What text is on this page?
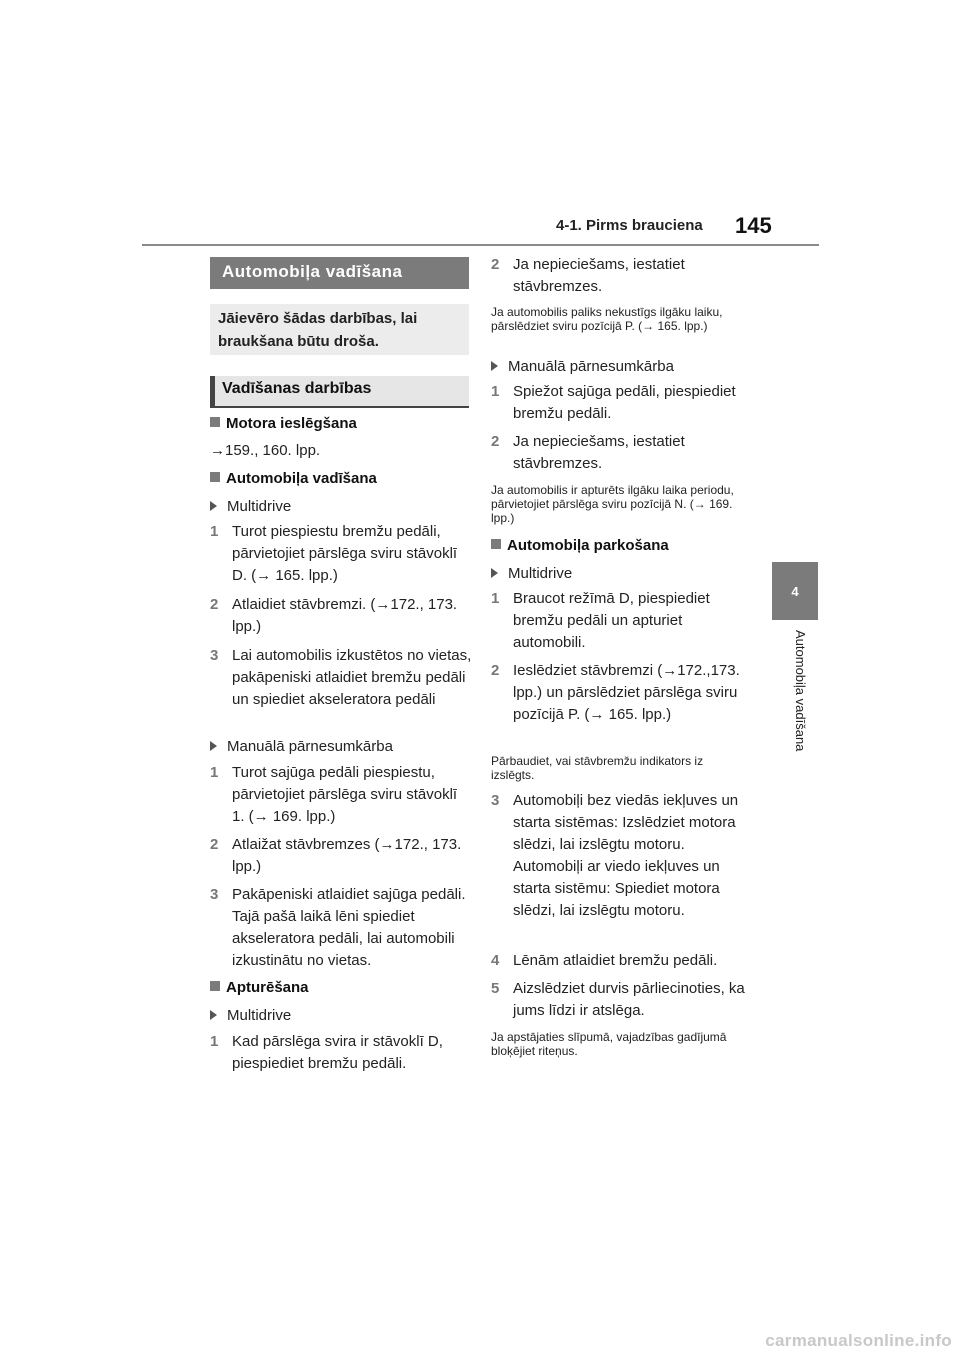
4-1. Pirms brauciena 145
4
Automobiļa vadīšana
Automobiļa vadīšana
Jāievēro šādas darbības, lai braukšana būtu droša.
Vadīšanas darbības
Motora ieslēgšana
→159., 160. lpp.
Automobiļa vadīšana
Multidrive
1 Turot piespiestu bremžu pedāli, pārvietojiet pārslēga sviru stāvoklī D. (→ 165. lpp.)
2 Atlaidiet stāvbremzi. (→172., 173. lpp.)
3 Lai automobilis izkustētos no vietas, pakāpeniski atlaidiet bremžu pedāli un spiediet akseleratora pedāli
Manuālā pārnesumkārba
1 Turot sajūga pedāli piespiestu, pārvietojiet pārslēga sviru stāvoklī 1. (→ 169. lpp.)
2 Atlaižat stāvbremzes (→172., 173. lpp.)
3 Pakāpeniski atlaidiet sajūga pedāli. Tajā pašā laikā lēni spiediet akseleratora pedāli, lai automobili izkustinātu no vietas.
Apturēšana
Multidrive
1 Kad pārslēga svira ir stāvoklī D, piespiediet bremžu pedāli.
2 Ja nepieciešams, iestatiet stāvbremzes.
Ja automobilis paliks nekustīgs ilgāku laiku, pārslēdziet sviru pozīcijā P. (→ 165. lpp.)
Manuālā pārnesumkārba
1 Spiežot sajūga pedāli, piespiediet bremžu pedāli.
2 Ja nepieciešams, iestatiet stāvbremzes.
Ja automobilis ir apturēts ilgāku laika periodu, pārvietojiet pārslēga sviru pozīcijā N. (→ 169. lpp.)
Automobiļa parkošana
Multidrive
1 Braucot režīmā D, piespiediet bremžu pedāli un apturiet automobili.
2 Ieslēdziet stāvbremzi (→172.,173. lpp.) un pārslēdziet pārslēga sviru pozīcijā P. (→ 165. lpp.)
Pārbaudiet, vai stāvbremžu indikators iz izslēgts.
3 Automobiļi bez viedās iekļuves un starta sistēmas: Izslēdziet motora slēdzi, lai izslēgtu motoru. Automobiļi ar viedo iekļuves un starta sistēmu: Spiediet motora slēdzi, lai izslēgtu motoru.
4 Lēnām atlaidiet bremžu pedāli.
5 Aizslēdziet durvis pārliecinoties, ka jums līdzi ir atslēga.
Ja apstājaties slīpumā, vajadzības gadījumā bloķējiet riteņus.
carmanualsonline.info
